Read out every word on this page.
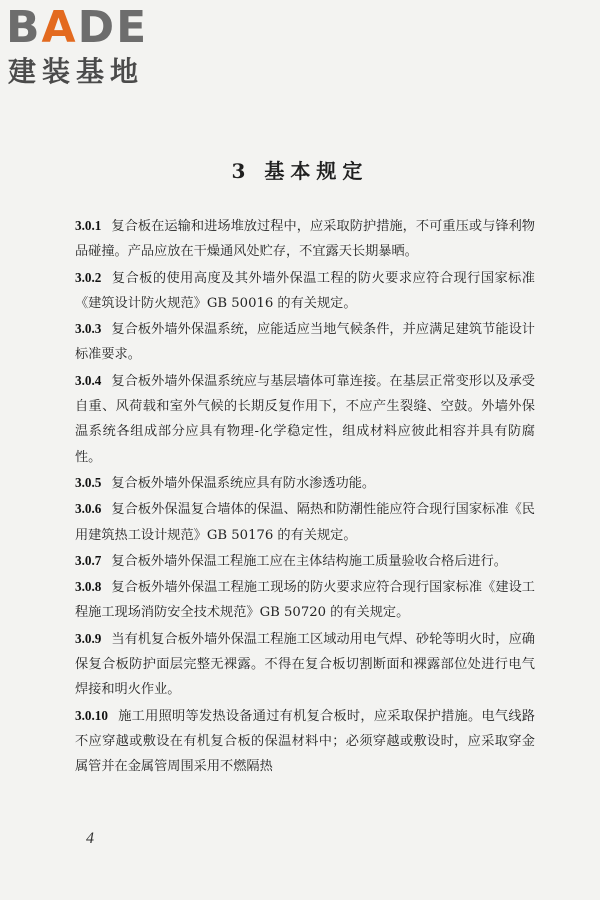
BADE
建装基地
3 基本规定

3.0.1 复合板在运输和进场堆放过程中，应采取防护措施，不可重压或与锋利物品碰撞。产品应放在干燥通风处贮存，不宜露天长期暴晒。

3.0.2 复合板的使用高度及其外墙外保温工程的防火要求应符合现行国家标准《建筑设计防火规范》GB 50016 的有关规定。

3.0.3 复合板外墙外保温系统，应能适应当地气候条件，并应满足建筑节能设计标准要求。

3.0.4 复合板外墙外保温系统应与基层墙体可靠连接。在基层正常变形以及承受自重、风荷载和室外气候的长期反复作用下，不应产生裂缝、空鼓。外墙外保温系统各组成部分应具有物理-化学稳定性，组成材料应彼此相容并具有防腐性。

3.0.5 复合板外墙外保温系统应具有防水渗透功能。

3.0.6 复合板外保温复合墙体的保温、隔热和防潮性能应符合现行国家标准《民用建筑热工设计规范》GB 50176 的有关规定。

3.0.7 复合板外墙外保温工程施工应在主体结构施工质量验收合格后进行。

3.0.8 复合板外墙外保温工程施工现场的防火要求应符合现行国家标准《建设工程施工现场消防安全技术规范》GB 50720 的有关规定。

3.0.9 当有机复合板外墙外保温工程施工区域动用电气焊、砂轮等明火时，应确保复合板防护面层完整无裸露。不得在复合板切割断面和裸露部位处进行电气焊接和明火作业。

3.0.10 施工用照明等发热设备通过有机复合板时，应采取保护措施。电气线路不应穿越或敷设在有机复合板的保温材料中；必须穿越或敷设时，应采取穿金属管并在金属管周围采用不燃隔热

4
